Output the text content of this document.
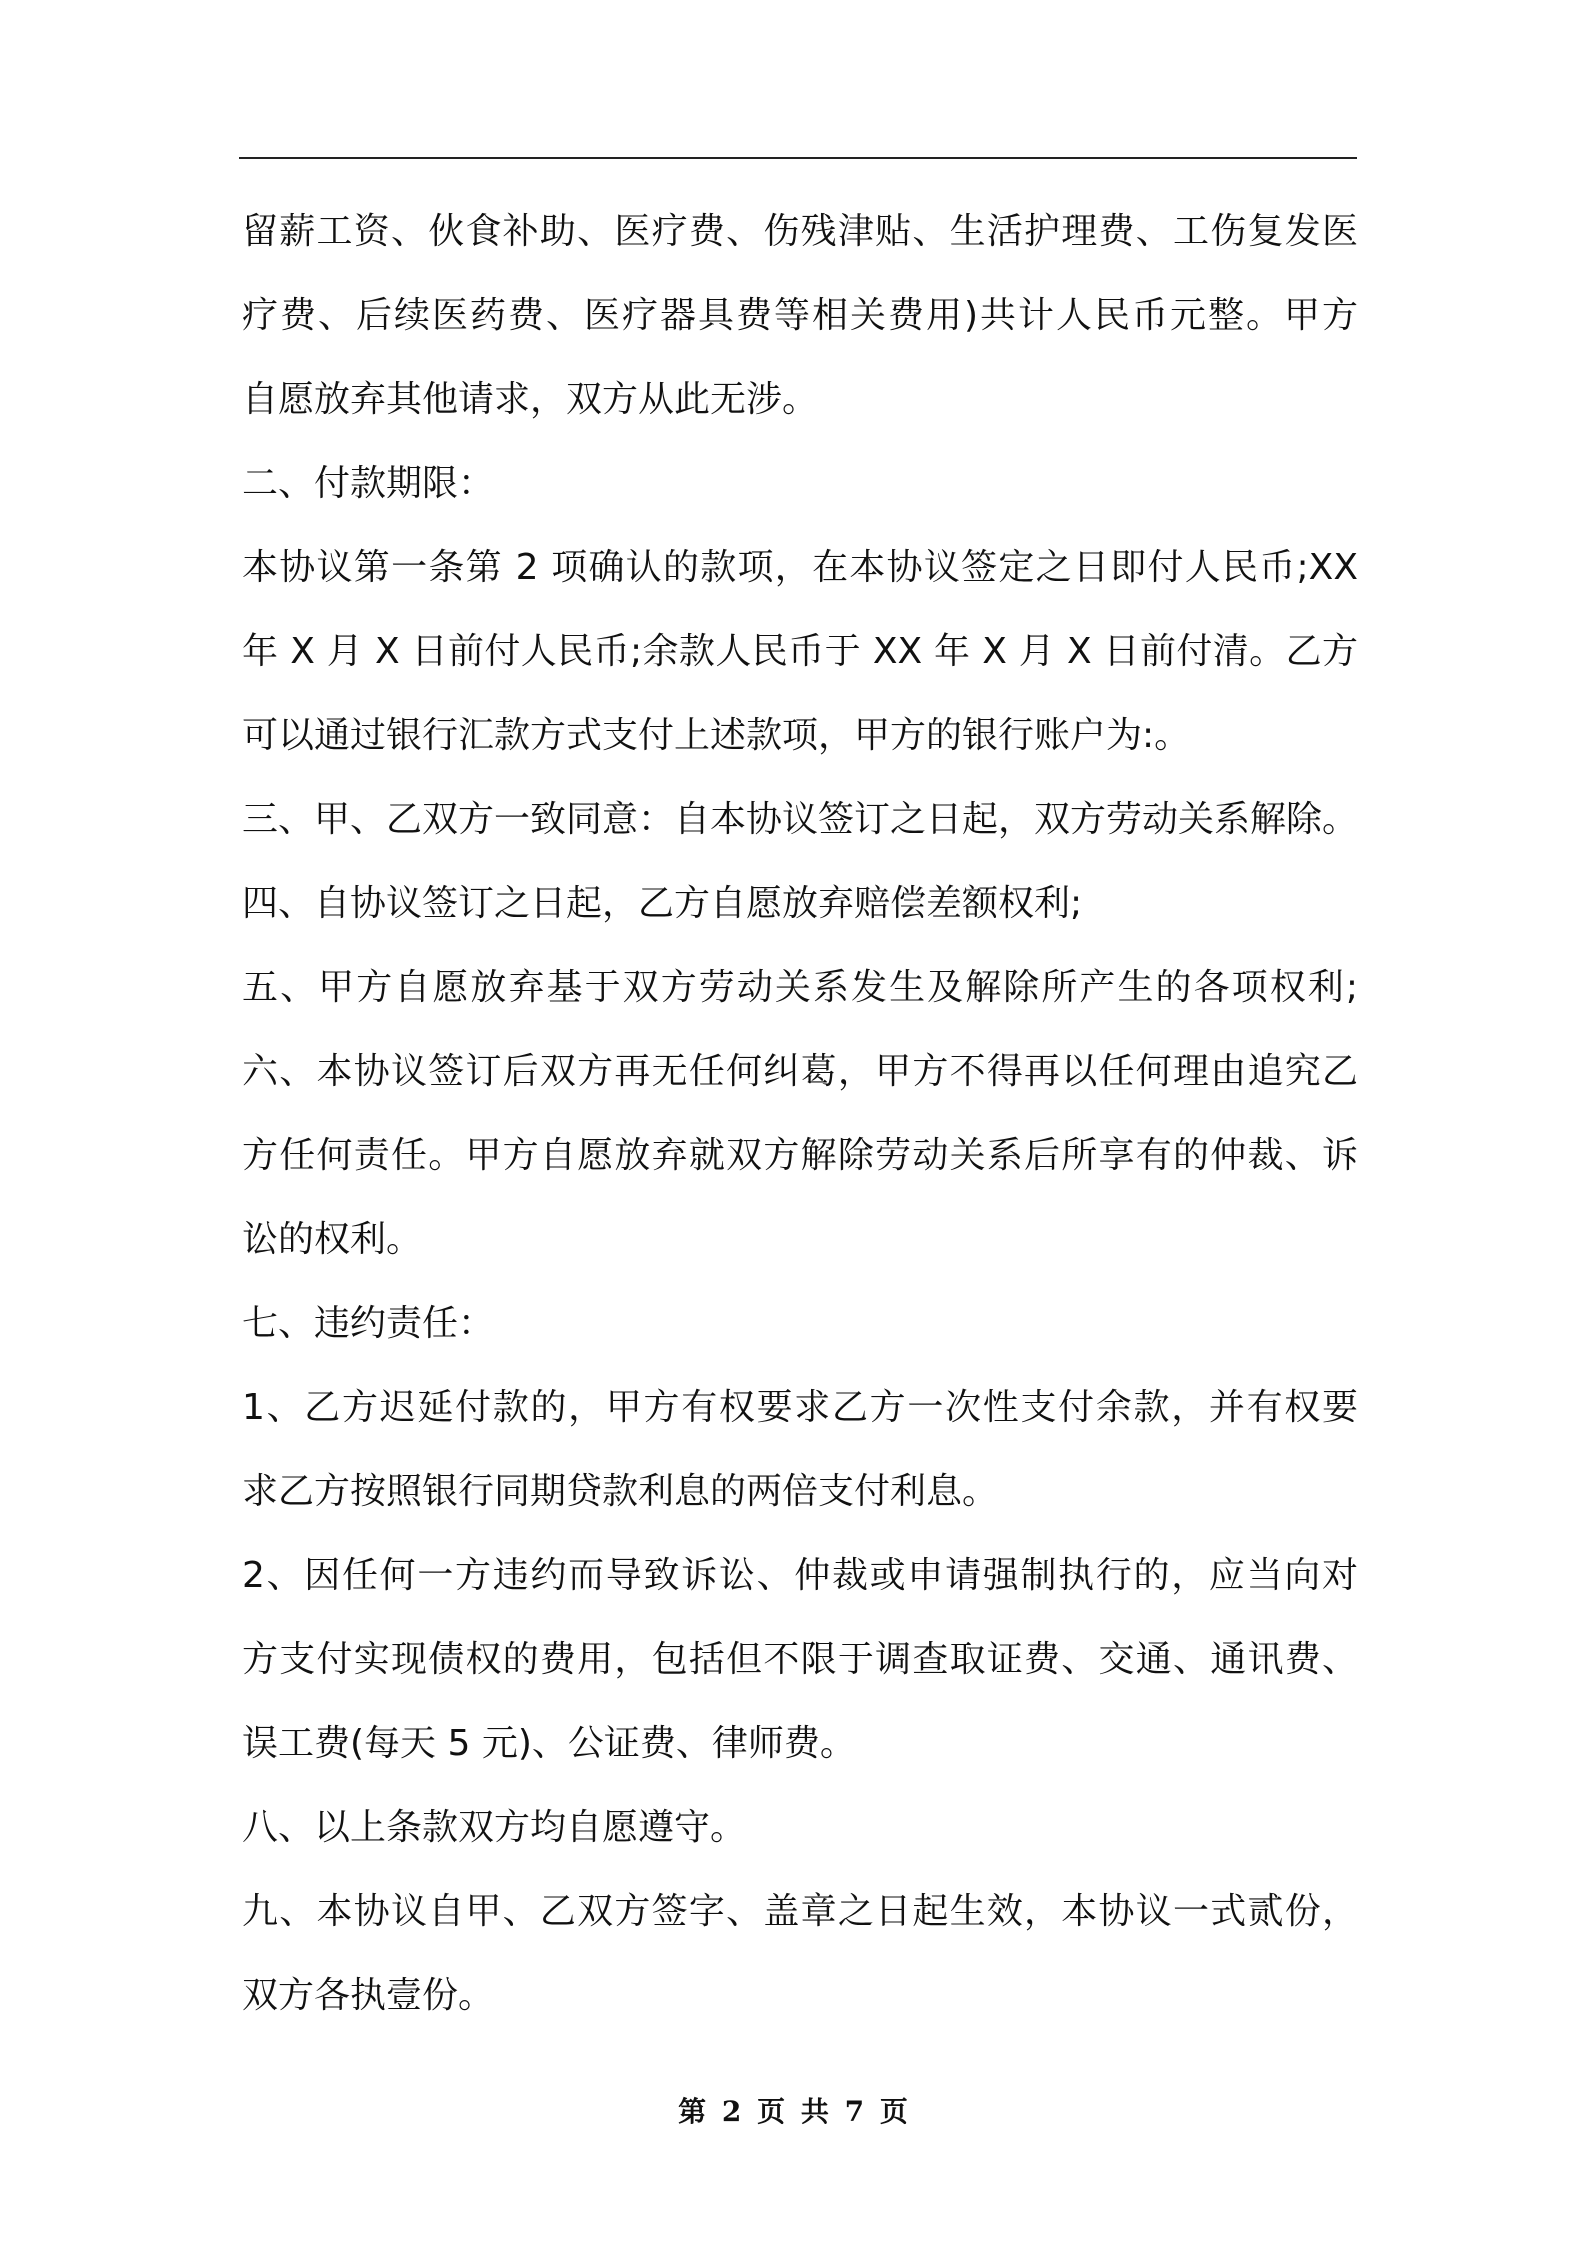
留薪工资、伙食补助、医疗费、伤残津贴、生活护理费、工伤复发医
疗费、后续医药费、医疗器具费等相关费用)共计人民币元整。甲方
自愿放弃其他请求，双方从此无涉。
二、付款期限：
本协议第一条第 2 项确认的款项，在本协议签定之日即付人民币;XX
年 X 月 X 日前付人民币;余款人民币于 XX 年 X 月 X 日前付清。乙方
可以通过银行汇款方式支付上述款项，甲方的银行账户为:。
三、甲、乙双方一致同意：自本协议签订之日起，双方劳动关系解除。
四、自协议签订之日起，乙方自愿放弃赔偿差额权利;
五、甲方自愿放弃基于双方劳动关系发生及解除所产生的各项权利;
六、本协议签订后双方再无任何纠葛，甲方不得再以任何理由追究乙
方任何责任。甲方自愿放弃就双方解除劳动关系后所享有的仲裁、诉
讼的权利。
七、违约责任：
1、乙方迟延付款的，甲方有权要求乙方一次性支付余款，并有权要
求乙方按照银行同期贷款利息的两倍支付利息。
2、因任何一方违约而导致诉讼、仲裁或申请强制执行的，应当向对
方支付实现债权的费用，包括但不限于调查取证费、交通、通讯费、
误工费(每天 5 元)、公证费、律师费。
八、以上条款双方均自愿遵守。
九、本协议自甲、乙双方签字、盖章之日起生效，本协议一式贰份，
双方各执壹份。
第 2 页 共 7 页
